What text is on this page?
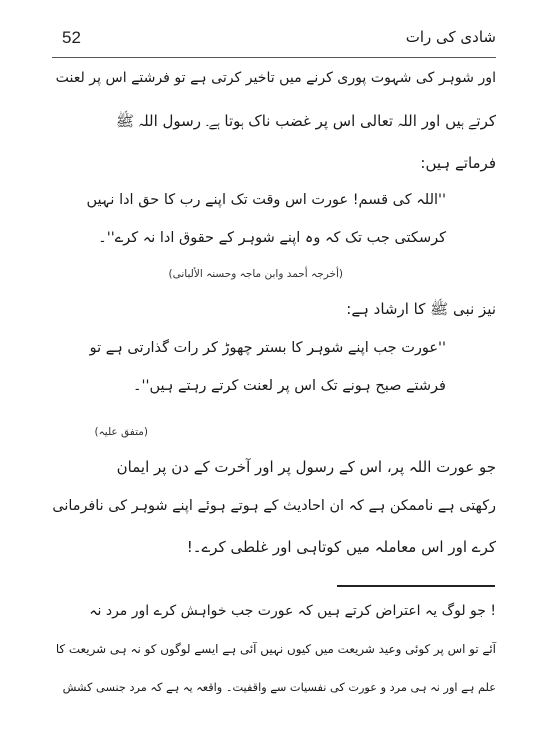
شادی کی رات
52
اور شوہر کی شہوت پوری کرنے میں تاخیر کرتی ہے تو فرشتے اس پر لعنت
کرتے ہیں اور اللہ تعالی اس پر غضب ناک ہوتا ہے۔ رسول اللہ ﷺ
فرماتے ہیں:
''اللہ کی قسم! عورت اس وقت تک اپنے رب کا حق ادا نہیں
کرسکتی جب تک کہ وہ اپنے شوہر کے حقوق ادا نہ کرے''۔
(أخرجہ أحمد وابن ماجہ وحسنہ الألبانی)
نیز نبی ﷺ کا ارشاد ہے:
''عورت جب اپنے شوہر کا بستر چھوڑ کر رات گذارتی ہے تو
فرشتے صبح ہونے تک اس پر لعنت کرتے رہتے ہیں''۔
(متفق علیہ)
جو عورت اللہ پر، اس کے رسول پر اور آخرت کے دن پر ایمان
رکھتی ہے ناممکن ہے کہ ان احادیث کے ہوتے ہوئے اپنے شوہر کی نافرمانی
کرے اور اس معاملہ میں کوتاہی اور غلطی کرے۔!
! جو لوگ یہ اعتراض کرتے ہیں کہ عورت جب خواہش کرے اور مرد نہ
آئے تو اس پر کوئی وعید شریعت میں کیوں نہیں آئی ہے ایسے لوگوں کو نہ ہی شریعت کا
علم ہے اور نہ ہی مرد و عورت کی نفسیات سے واقفیت۔ واقعہ یہ ہے کہ مرد جنسی کشش
